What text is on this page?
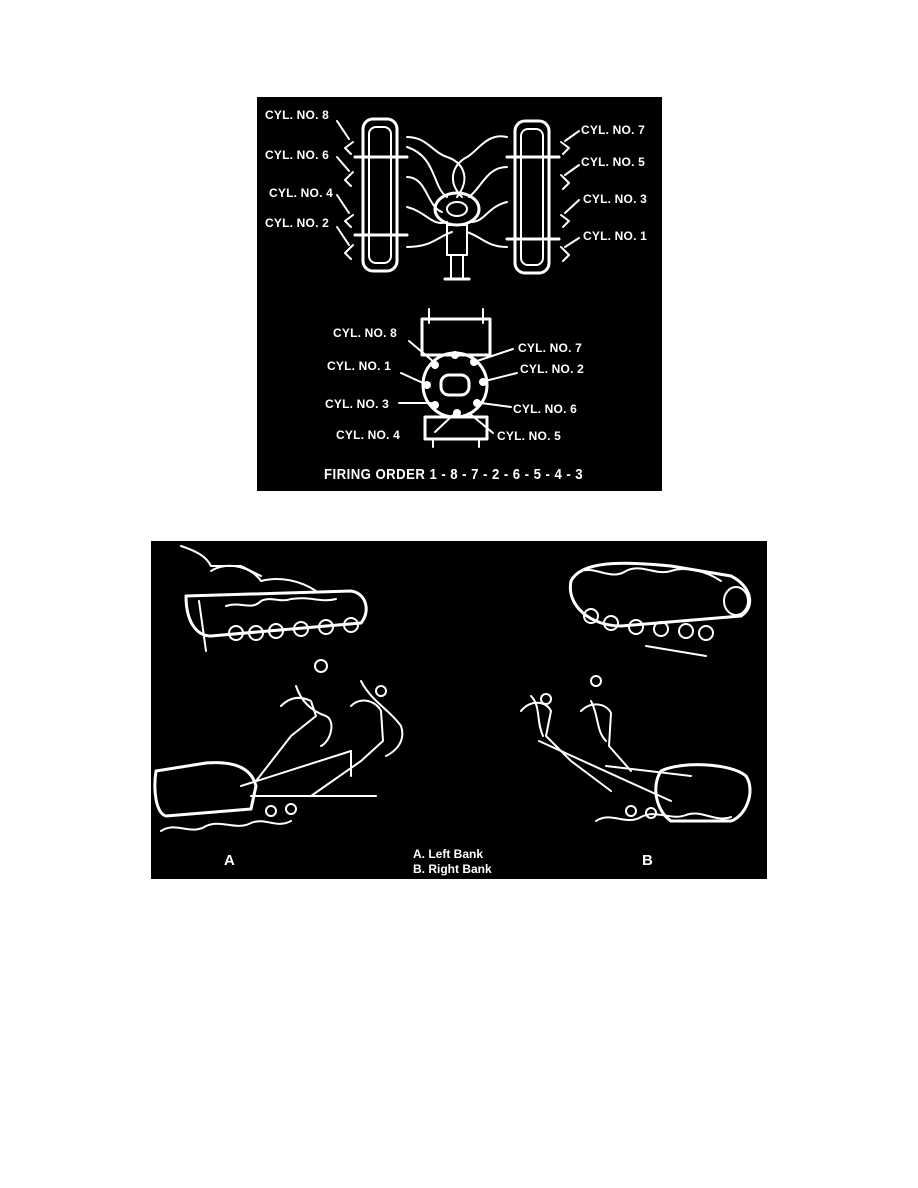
CYL. NO. 8
CYL. NO. 6
CYL. NO. 4
CYL. NO. 2
CYL. NO. 7
CYL. NO. 5
CYL. NO. 3
CYL. NO. 1
CYL. NO. 8
CYL. NO. 7
CYL. NO. 1	CYL. NO. 2
CYL. NO. 3	CYL. NO. 6
CYL. NO. 4	CYL. NO. 5
FIRING ORDER 1 - 8 - 7 - 2 - 6 - 5 - 4 - 3
A	B
A. Left Bank
B. Right Bank
